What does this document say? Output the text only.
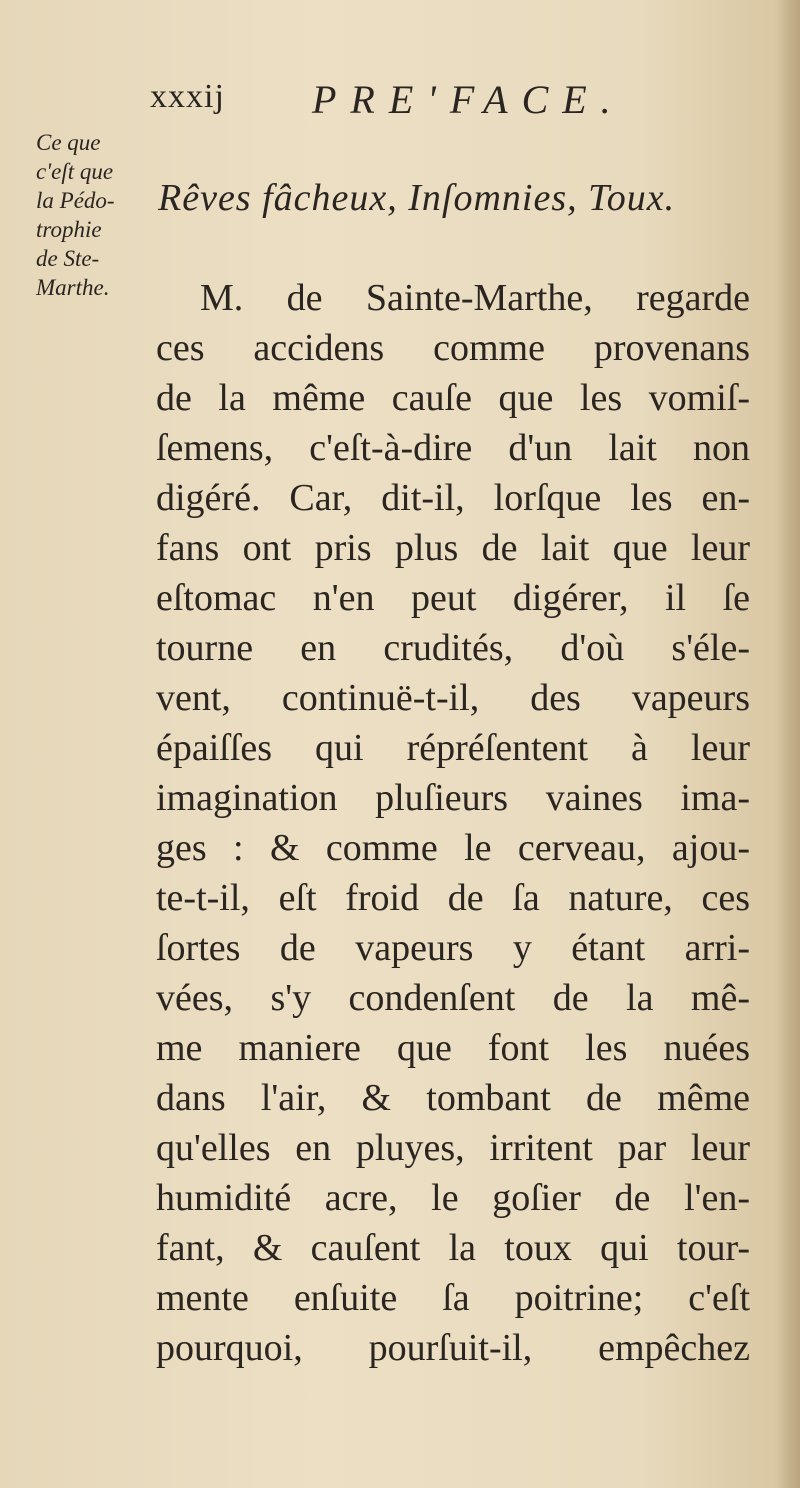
xxxij PRE'FACE.
Ce que
c'eſt que
la Pédo-
trophie
de Ste-
Marthe.
Rêves fâcheux, Inſomnies, Toux.
M. de Sainte-Marthe, regarde
ces accidens comme provenans
de la même cauſe que les vomiſ-
ſemens, c'eſt-à-dire d'un lait non
digéré. Car, dit-il, lorſque les en-
fans ont pris plus de lait que leur
eſtomac n'en peut digérer, il ſe
tourne en crudités, d'où s'éle-
vent, continuë-t-il, des vapeurs
épaiſſes qui répréſentent à leur
imagination pluſieurs vaines ima-
ges : & comme le cerveau, ajou-
te-t-il, eſt froid de ſa nature, ces
ſortes de vapeurs y étant arri-
vées, s'y condenſent de la mê-
me maniere que font les nuées
dans l'air, & tombant de même
qu'elles en pluyes, irritent par leur
humidité acre, le goſier de l'en-
fant, & cauſent la toux qui tour-
mente enſuite ſa poitrine; c'eſt
pourquoi, pourſuit-il, empêchez
